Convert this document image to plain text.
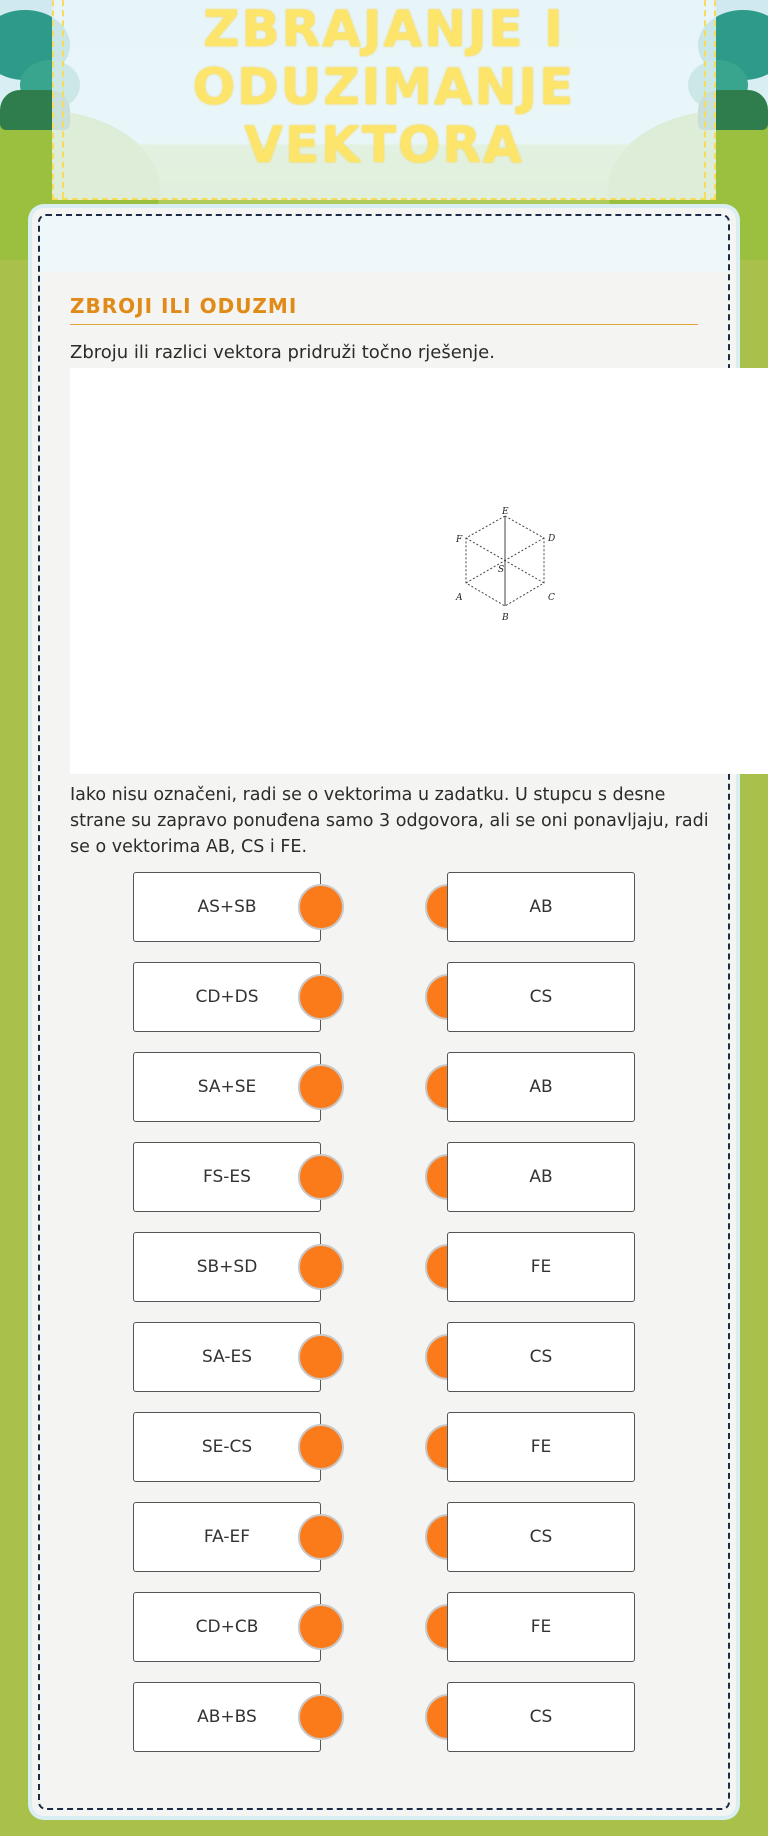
ZBRAJANJE I ODUZIMANJE VEKTORA
ZBROJI ILI ODUZMI
Zbroju ili razlici vektora pridruži točno rješenje.
E
D
C
B
A
F
S
Iako nisu označeni, radi se o vektorima u zadatku. U stupcu s desne strane su zapravo ponuđena samo 3 odgovora, ali se oni ponavljaju, radi se o vektorima AB, CS i FE.
AS+SB	AB
CD+DS	CS
SA+SE	AB
FS-ES	AB
SB+SD	FE
SA-ES	CS
SE-CS	FE
FA-EF	CS
CD+CB	FE
AB+BS	CS
